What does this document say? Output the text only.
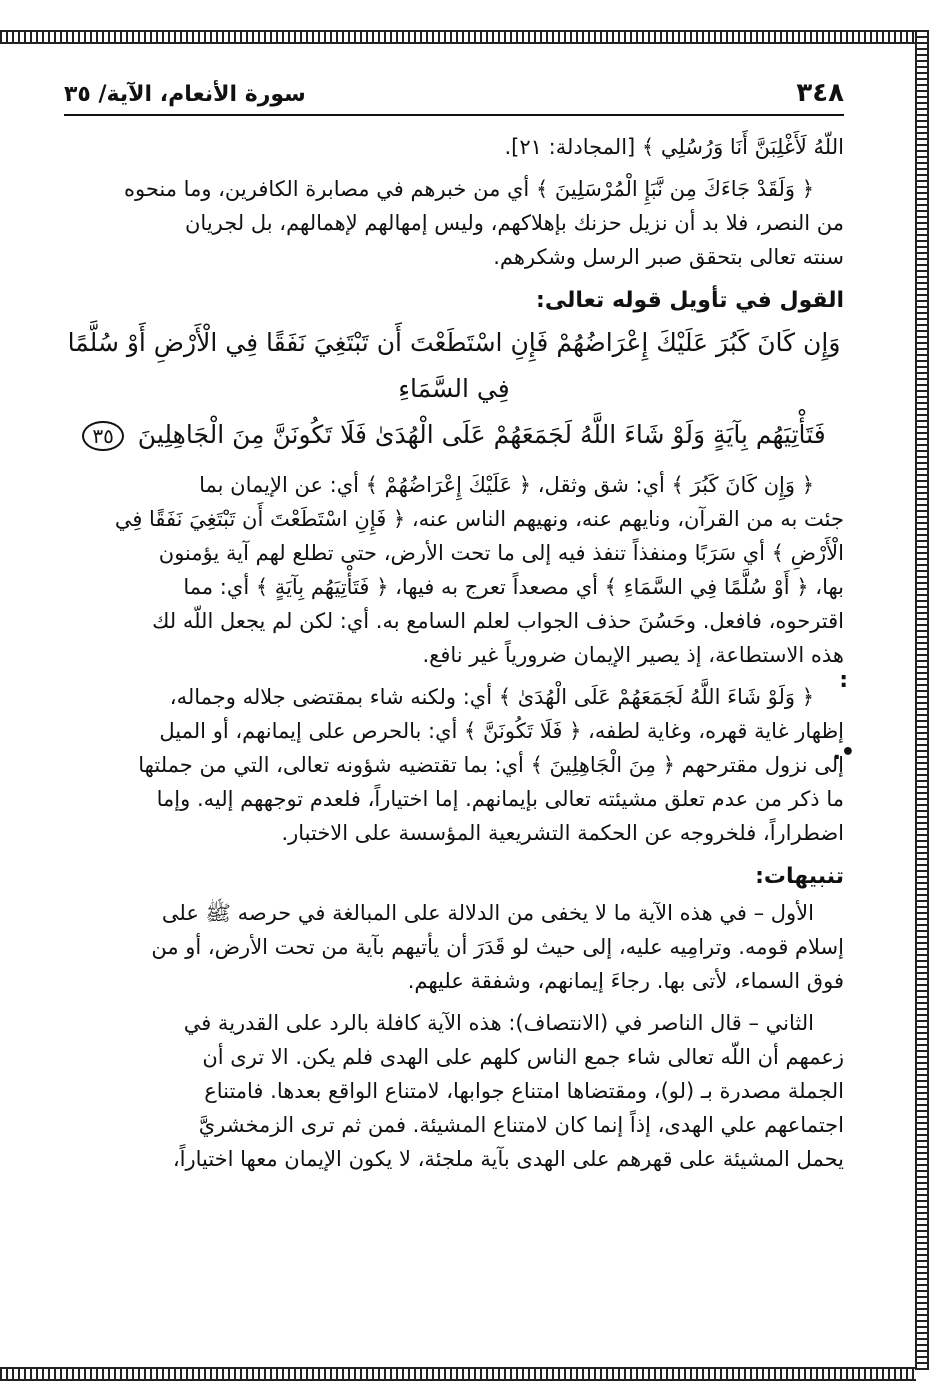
:
.•
٣٤٨
سورة الأنعام، الآية/ ٣٥

اللّهُ لَأَغْلِبَنَّ أَنَا وَرُسُلِي ﴾ [المجادلة: ٢١].

﴿ وَلَقَدْ جَاءَكَ مِن نَّبَإِ الْمُرْسَلِينَ ﴾ أي من خبرهم في مصابرة الكافرين، وما منحوه

من النصر، فلا بد أن نزيل حزنك بإهلاكهم، وليس إمهالهم لإهمالهم، بل لجريان

سنته تعالى بتحقق صبر الرسل وشكرهم.

القول في تأويل قوله تعالى:

وَإِن كَانَ كَبُرَ عَلَيْكَ إِعْرَاضُهُمْ فَإِنِ اسْتَطَعْتَ أَن تَبْتَغِيَ نَفَقًا فِي الْأَرْضِ أَوْ سُلَّمًا فِي السَّمَاءِ
فَتَأْتِيَهُم بِآيَةٍ وَلَوْ شَاءَ اللَّهُ لَجَمَعَهُمْ عَلَى الْهُدَىٰ فَلَا تَكُونَنَّ مِنَ الْجَاهِلِينَ ٣٥

﴿ وَإِن كَانَ كَبُرَ ﴾ أي: شق وثقل، ﴿ عَلَيْكَ إِعْرَاضُهُمْ ﴾ أي: عن الإيمان بما

جئت به من القرآن، ونايهم عنه، ونهيهم الناس عنه، ﴿ فَإِنِ اسْتَطَعْتَ أَن تَبْتَغِيَ نَفَقًا فِي

الْأَرْضِ ﴾ أي سَرَبًا ومنفذاً تنفذ فيه إلى ما تحت الأرض، حتى تطلع لهم آية يؤمنون

بها، ﴿ أَوْ سُلَّمًا فِي السَّمَاءِ ﴾ أي مصعداً تعرج به فيها، ﴿ فَتَأْتِيَهُم بِآيَةٍ ﴾ أي: مما

اقترحوه، فافعل. وحَسُنَ حذف الجواب لعلم السامع به. أي: لكن لم يجعل اللّه لك

هذه الاستطاعة، إذ يصير الإيمان ضرورياً غير نافع.

﴿ وَلَوْ شَاءَ اللَّهُ لَجَمَعَهُمْ عَلَى الْهُدَىٰ ﴾ أي: ولكنه شاء بمقتضى جلاله وجماله،

إظهار غاية قهره، وغاية لطفه، ﴿ فَلَا تَكُونَنَّ ﴾ أي: بالحرص على إيمانهم، أو الميل

إلى نزول مقترحهم ﴿ مِنَ الْجَاهِلِينَ ﴾ أي: بما تقتضيه شؤونه تعالى، التي من جملتها

ما ذكر من عدم تعلق مشيئته تعالى بإيمانهم. إما اختياراً، فلعدم توجههم إليه. وإما

اضطراراً، فلخروجه عن الحكمة التشريعية المؤسسة على الاختبار.

تنبيهات:

الأول – في هذه الآية ما لا يخفى من الدلالة على المبالغة في حرصه ﷺ على

إسلام قومه. وترامِيه عليه، إلى حيث لو قَدَرَ أن يأتيهم بآية من تحت الأرض، أو من

فوق السماء، لأتى بها. رجاءَ إيمانهم، وشفقة عليهم.

الثاني – قال الناصر في (الانتصاف): هذه الآية كافلة بالرد على القدرية في

زعمهم أن اللّه تعالى شاء جمع الناس كلهم على الهدى فلم يكن. الا ترى أن

الجملة مصدرة بـ (لو)، ومقتضاها امتناع جوابها، لامتناع الواقع بعدها. فامتناع

اجتماعهم علي الهدى، إذاً إنما كان لامتناع المشيئة. فمن ثم ترى الزمخشريَّ

يحمل المشيئة على قهرهم على الهدى بآية ملجئة، لا يكون الإيمان معها اختياراً،
